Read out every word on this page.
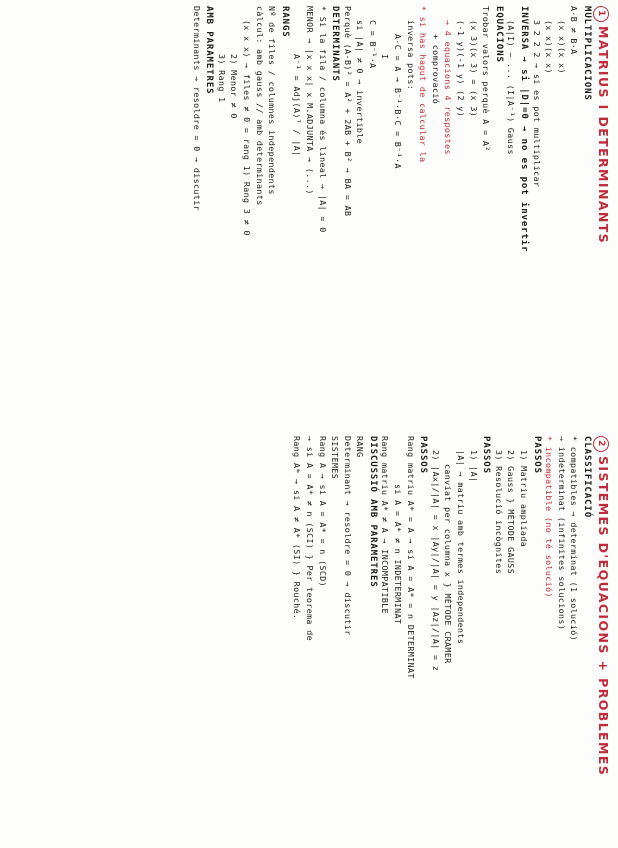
1MATRIUS I DETERMINANTS
MULTIPLICACIONS
A·B ≠ B·A
(x x)(x x)
(x x)(x x)
3 2 2 2 → si es pot multiplicar
INVERSA → si |D|=0 → no es pot invertir
(A|I) ~ ... (I|A⁻¹) Gauss
EQUACIONS
Trobar valors perquè A = A²
(x 3)(x 3) = (x 3)
(-1 y)(-1 y) (2 y)
→ 4 equacions 4 respostes
+ comprovació
* si has hagut de calcular la
inversa pots:
A·C = A → B⁻¹·B·C = B⁻¹·A
I
C = B⁻¹·A
si |A| ≠ 0 → invertible
Perquè (A·B)² = A² + 2AB + B² → BA = AB
DETERMINANTS
* Si la fila / columna és lineal → |A| = 0
MENOR → |x x x| x M.ADJUNTA → (...)
A⁻¹ = Adj(A)ᵀ / |A|
RANGS
Nº de files / columnes independents
càlcul: amb gauss // amb determinants
(x x x) → files ≠ 0 = rang 1) Rang 3 ≠ 0
2) Menor ≠ 0
3) Rang 1
AMB PARAMETRES
Determinants → resoldre = 0 → discutir
2SISTEMES D'EQUACIONS + PROBLEMES
CLASSIFICACIÓ
* compatibles → determinat (1 solució)
→ indeterminat (infinites solucions)
* incompatible (no té solució)
PASSOS
1) Matriu ampliada
2) Gauss } MÈTODE GAUSS
3) Resolució incògnites
PASSOS
1) |A|
|A| → matriu amb termes independents
canviat per columna x } MÈTODE CRAMER
2) |Ax|/|A| = x |Ay|/|A| = y |Az|/|A| = z
PASSOS
Rang matriu A* = A → si A = A* = n DETERMINAT
si A = A* ≠ n INDETERMINAT
Rang matriu A* ≠ A → INCOMPATIBLE
DISCUSSIÓ AMB PARAMETRES
RANG
Determinant → resoldre = 0 → discutir
SISTEMES
Rang A → si A = A* = n (SCD)
→ si A = A* ≠ n (SCI) } Per teorema de
Rang A* → si A ≠ A* (SI) } Rouché.
